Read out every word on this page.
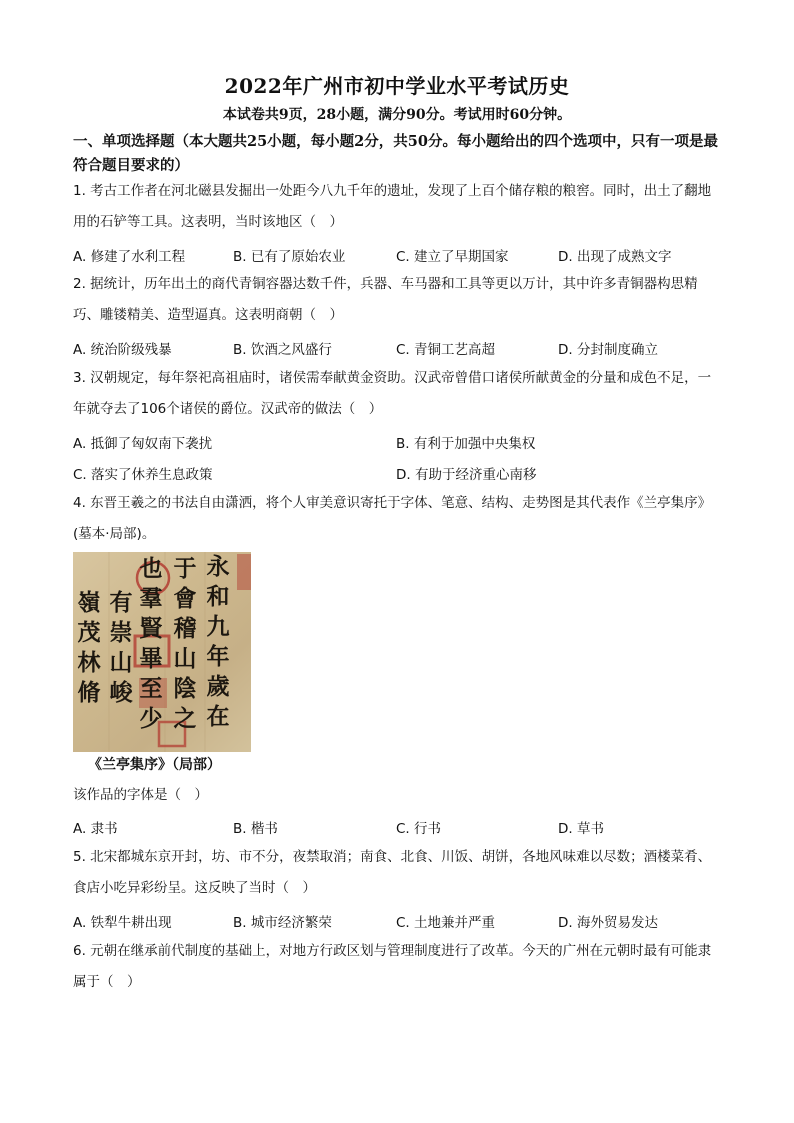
2022年广州市初中学业水平考试历史
本试卷共9页，28小题，满分90分。考试用时60分钟。
一、单项选择题（本大题共25小题，每小题2分，共50分。每小题给出的四个选项中，只有一项是最符合题目要求的）
1. 考古工作者在河北磁县发掘出一处距今八九千年的遗址，发现了上百个储存粮的粮窖。同时，出土了翻地用的石铲等工具。这表明，当时该地区（　）
A. 修建了水利工程	B. 已有了原始农业	C. 建立了早期国家	D. 出现了成熟文字
2. 据统计，历年出土的商代青铜容器达数千件，兵器、车马器和工具等更以万计，其中许多青铜器构思精巧、雕镂精美、造型逼真。这表明商朝（　）
A. 统治阶级残暴	B. 饮酒之风盛行	C. 青铜工艺高超	D. 分封制度确立
3. 汉朝规定，每年祭祀高祖庙时，诸侯需奉献黄金资助。汉武帝曾借口诸侯所献黄金的分量和成色不足，一年就夺去了106个诸侯的爵位。汉武帝的做法（　）
A. 抵御了匈奴南下袭扰	B. 有利于加强中央集权
C. 落实了休养生息政策	D. 有助于经济重心南移
4. 东晋王羲之的书法自由潇洒，将个人审美意识寄托于字体、笔意、结构、走势图是其代表作《兰亭集序》(墓本·局部)。
永
和
九
年
歲
在
于
會
稽
山
陰
之
也
羣
賢
畢
至
少
有
崇
山
峻
嶺
茂
林
脩
《兰亭集序》（局部）
该作品的字体是（　）
A. 隶书	B. 楷书	C. 行书	D. 草书
5. 北宋都城东京开封，坊、市不分，夜禁取消；南食、北食、川饭、胡饼，各地风味难以尽数；酒楼菜肴、食店小吃异彩纷呈。这反映了当时（　）
A. 铁犁牛耕出现	B. 城市经济繁荣	C. 土地兼并严重	D. 海外贸易发达
6. 元朝在继承前代制度的基础上，对地方行政区划与管理制度进行了改革。今天的广州在元朝时最有可能隶属于（　）
